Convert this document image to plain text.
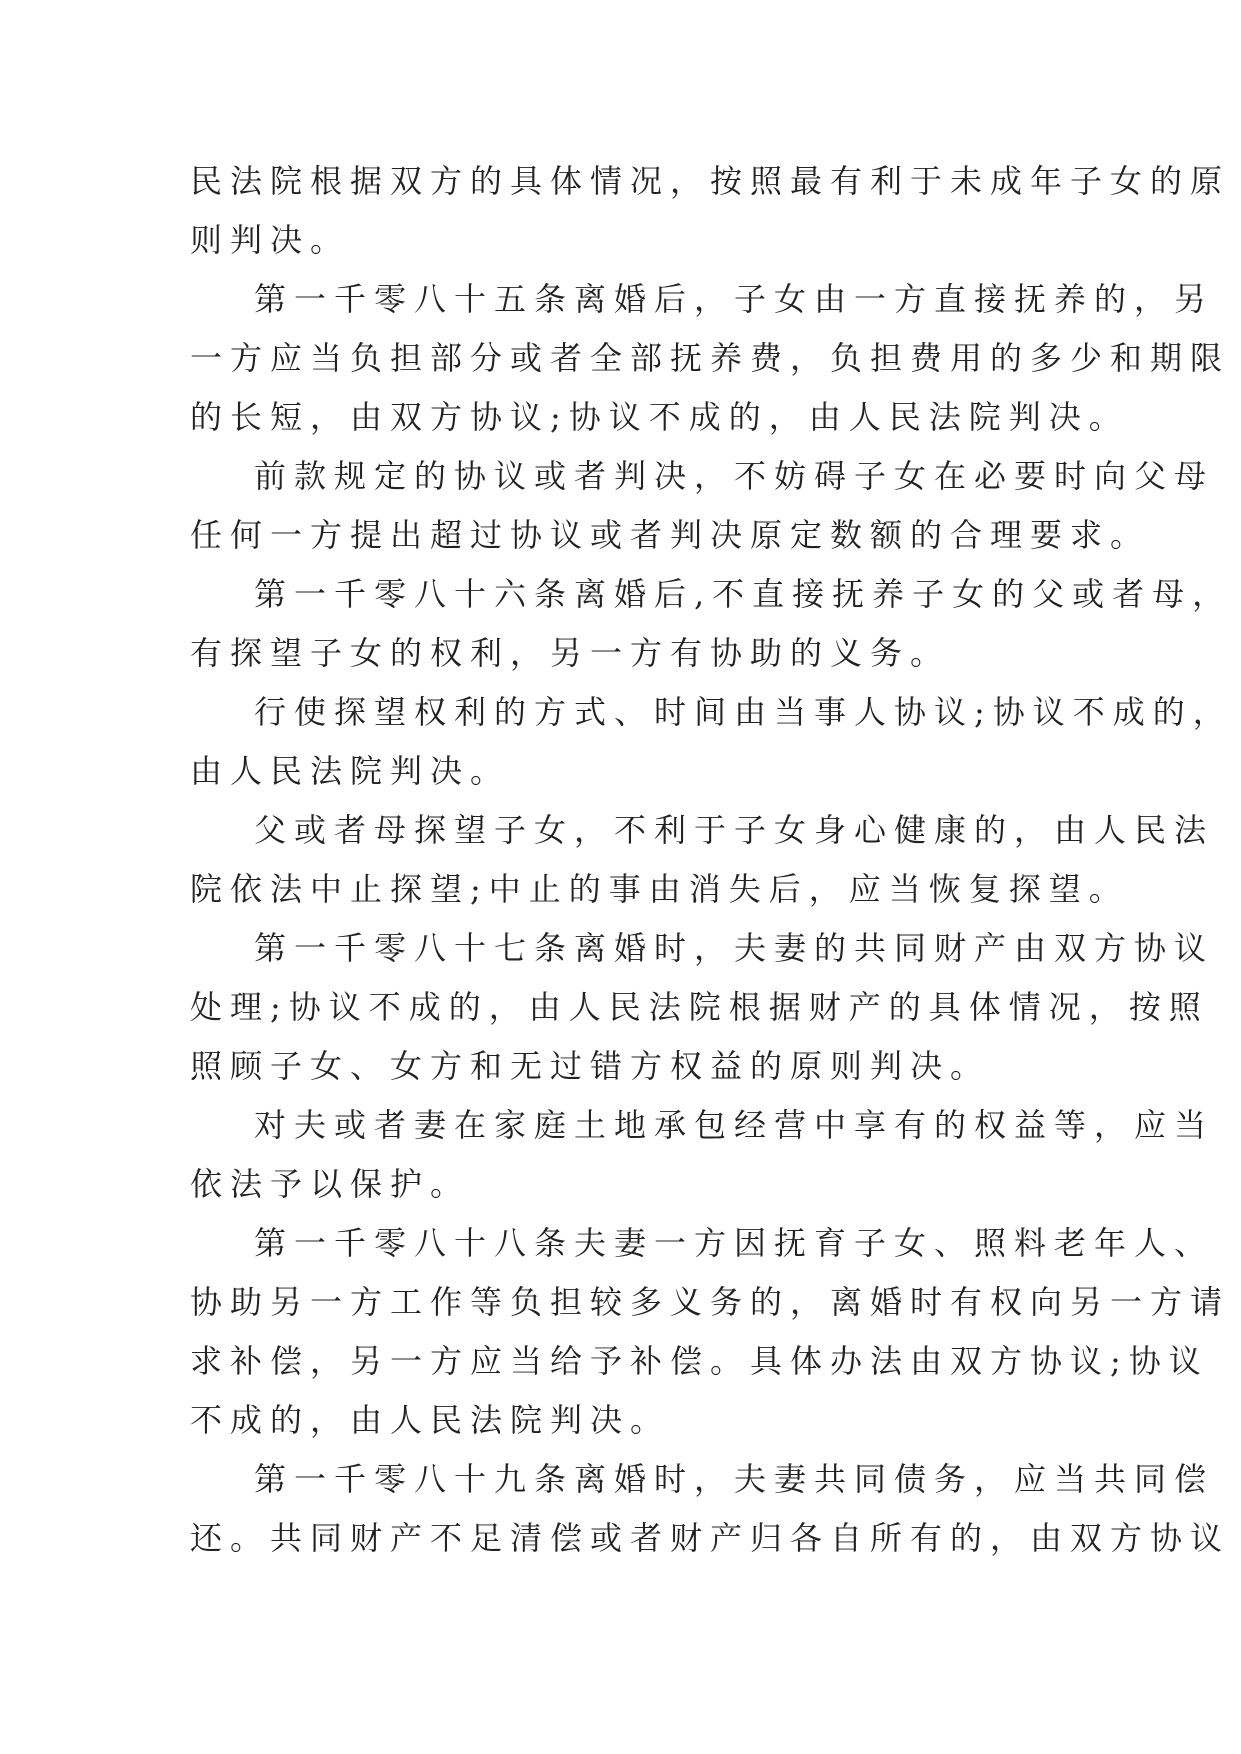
民法院根据双方的具体情况，按照最有利于未成年子女的原
则判决。
第一千零八十五条离婚后，子女由一方直接抚养的，另
一方应当负担部分或者全部抚养费，负担费用的多少和期限
的长短，由双方协议;协议不成的，由人民法院判决。
前款规定的协议或者判决，不妨碍子女在必要时向父母
任何一方提出超过协议或者判决原定数额的合理要求。
第一千零八十六条离婚后,不直接抚养子女的父或者母，
有探望子女的权利，另一方有协助的义务。
行使探望权利的方式、时间由当事人协议;协议不成的，
由人民法院判决。
父或者母探望子女，不利于子女身心健康的，由人民法
院依法中止探望;中止的事由消失后，应当恢复探望。
第一千零八十七条离婚时，夫妻的共同财产由双方协议
处理;协议不成的，由人民法院根据财产的具体情况，按照
照顾子女、女方和无过错方权益的原则判决。
对夫或者妻在家庭土地承包经营中享有的权益等，应当
依法予以保护。
第一千零八十八条夫妻一方因抚育子女、照料老年人、
协助另一方工作等负担较多义务的，离婚时有权向另一方请
求补偿，另一方应当给予补偿。具体办法由双方协议;协议
不成的，由人民法院判决。
第一千零八十九条离婚时，夫妻共同债务，应当共同偿
还。共同财产不足清偿或者财产归各自所有的，由双方协议
